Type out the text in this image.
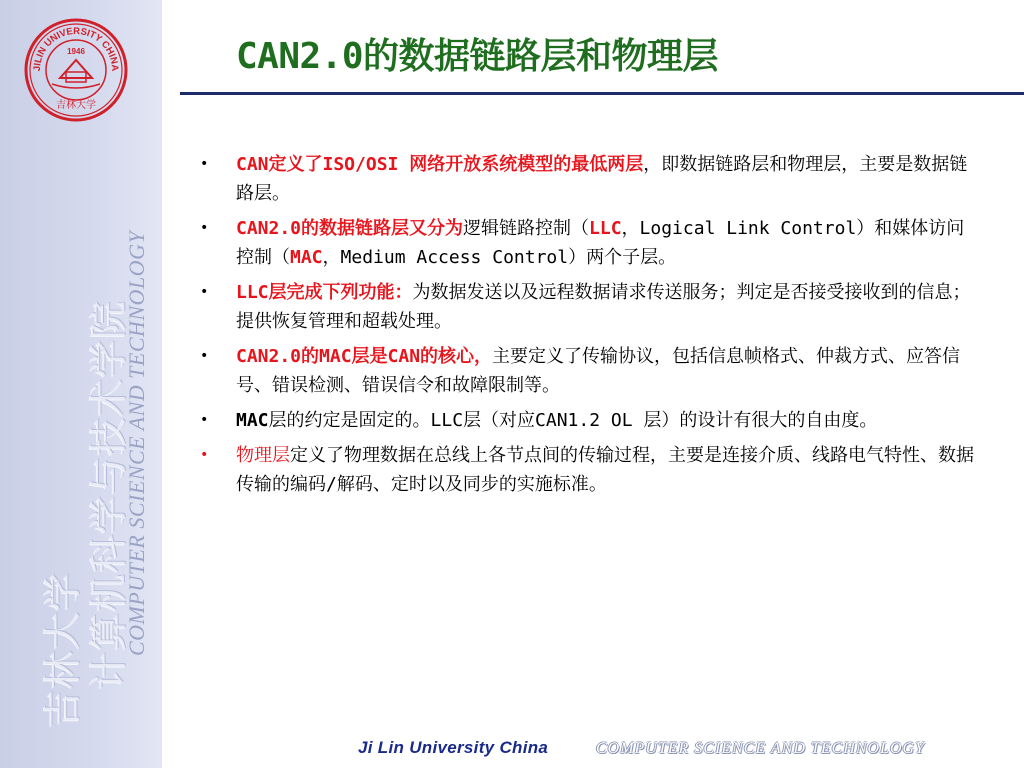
JILIN UNIVERSITY CHINA
1946
吉林大学
吉林大学 计算机科学与技术学院
COMPUTER SCIENCE AND TECHNOLOGY
CAN2.0的数据链路层和物理层
• CAN定义了ISO/OSI 网络开放系统模型的最低两层，即数据链路层和物理层，主要是数据链路层。
• CAN2.0的数据链路层又分为逻辑链路控制（LLC，Logical Link Control）和媒体访问控制（MAC，Medium Access Control）两个子层。
• LLC层完成下列功能：为数据发送以及远程数据请求传送服务；判定是否接受接收到的信息；提供恢复管理和超载处理。
• CAN2.0的MAC层是CAN的核心，主要定义了传输协议，包括信息帧格式、仲裁方式、应答信号、错误检测、错误信令和故障限制等。
• MAC层的约定是固定的。LLC层（对应CAN1.2 OL 层）的设计有很大的自由度。
• 物理层定义了物理数据在总线上各节点间的传输过程，主要是连接介质、线路电气特性、数据传输的编码/解码、定时以及同步的实施标准。
Ji Lin University China	COMPUTER SCIENCE AND TECHNOLOGY
